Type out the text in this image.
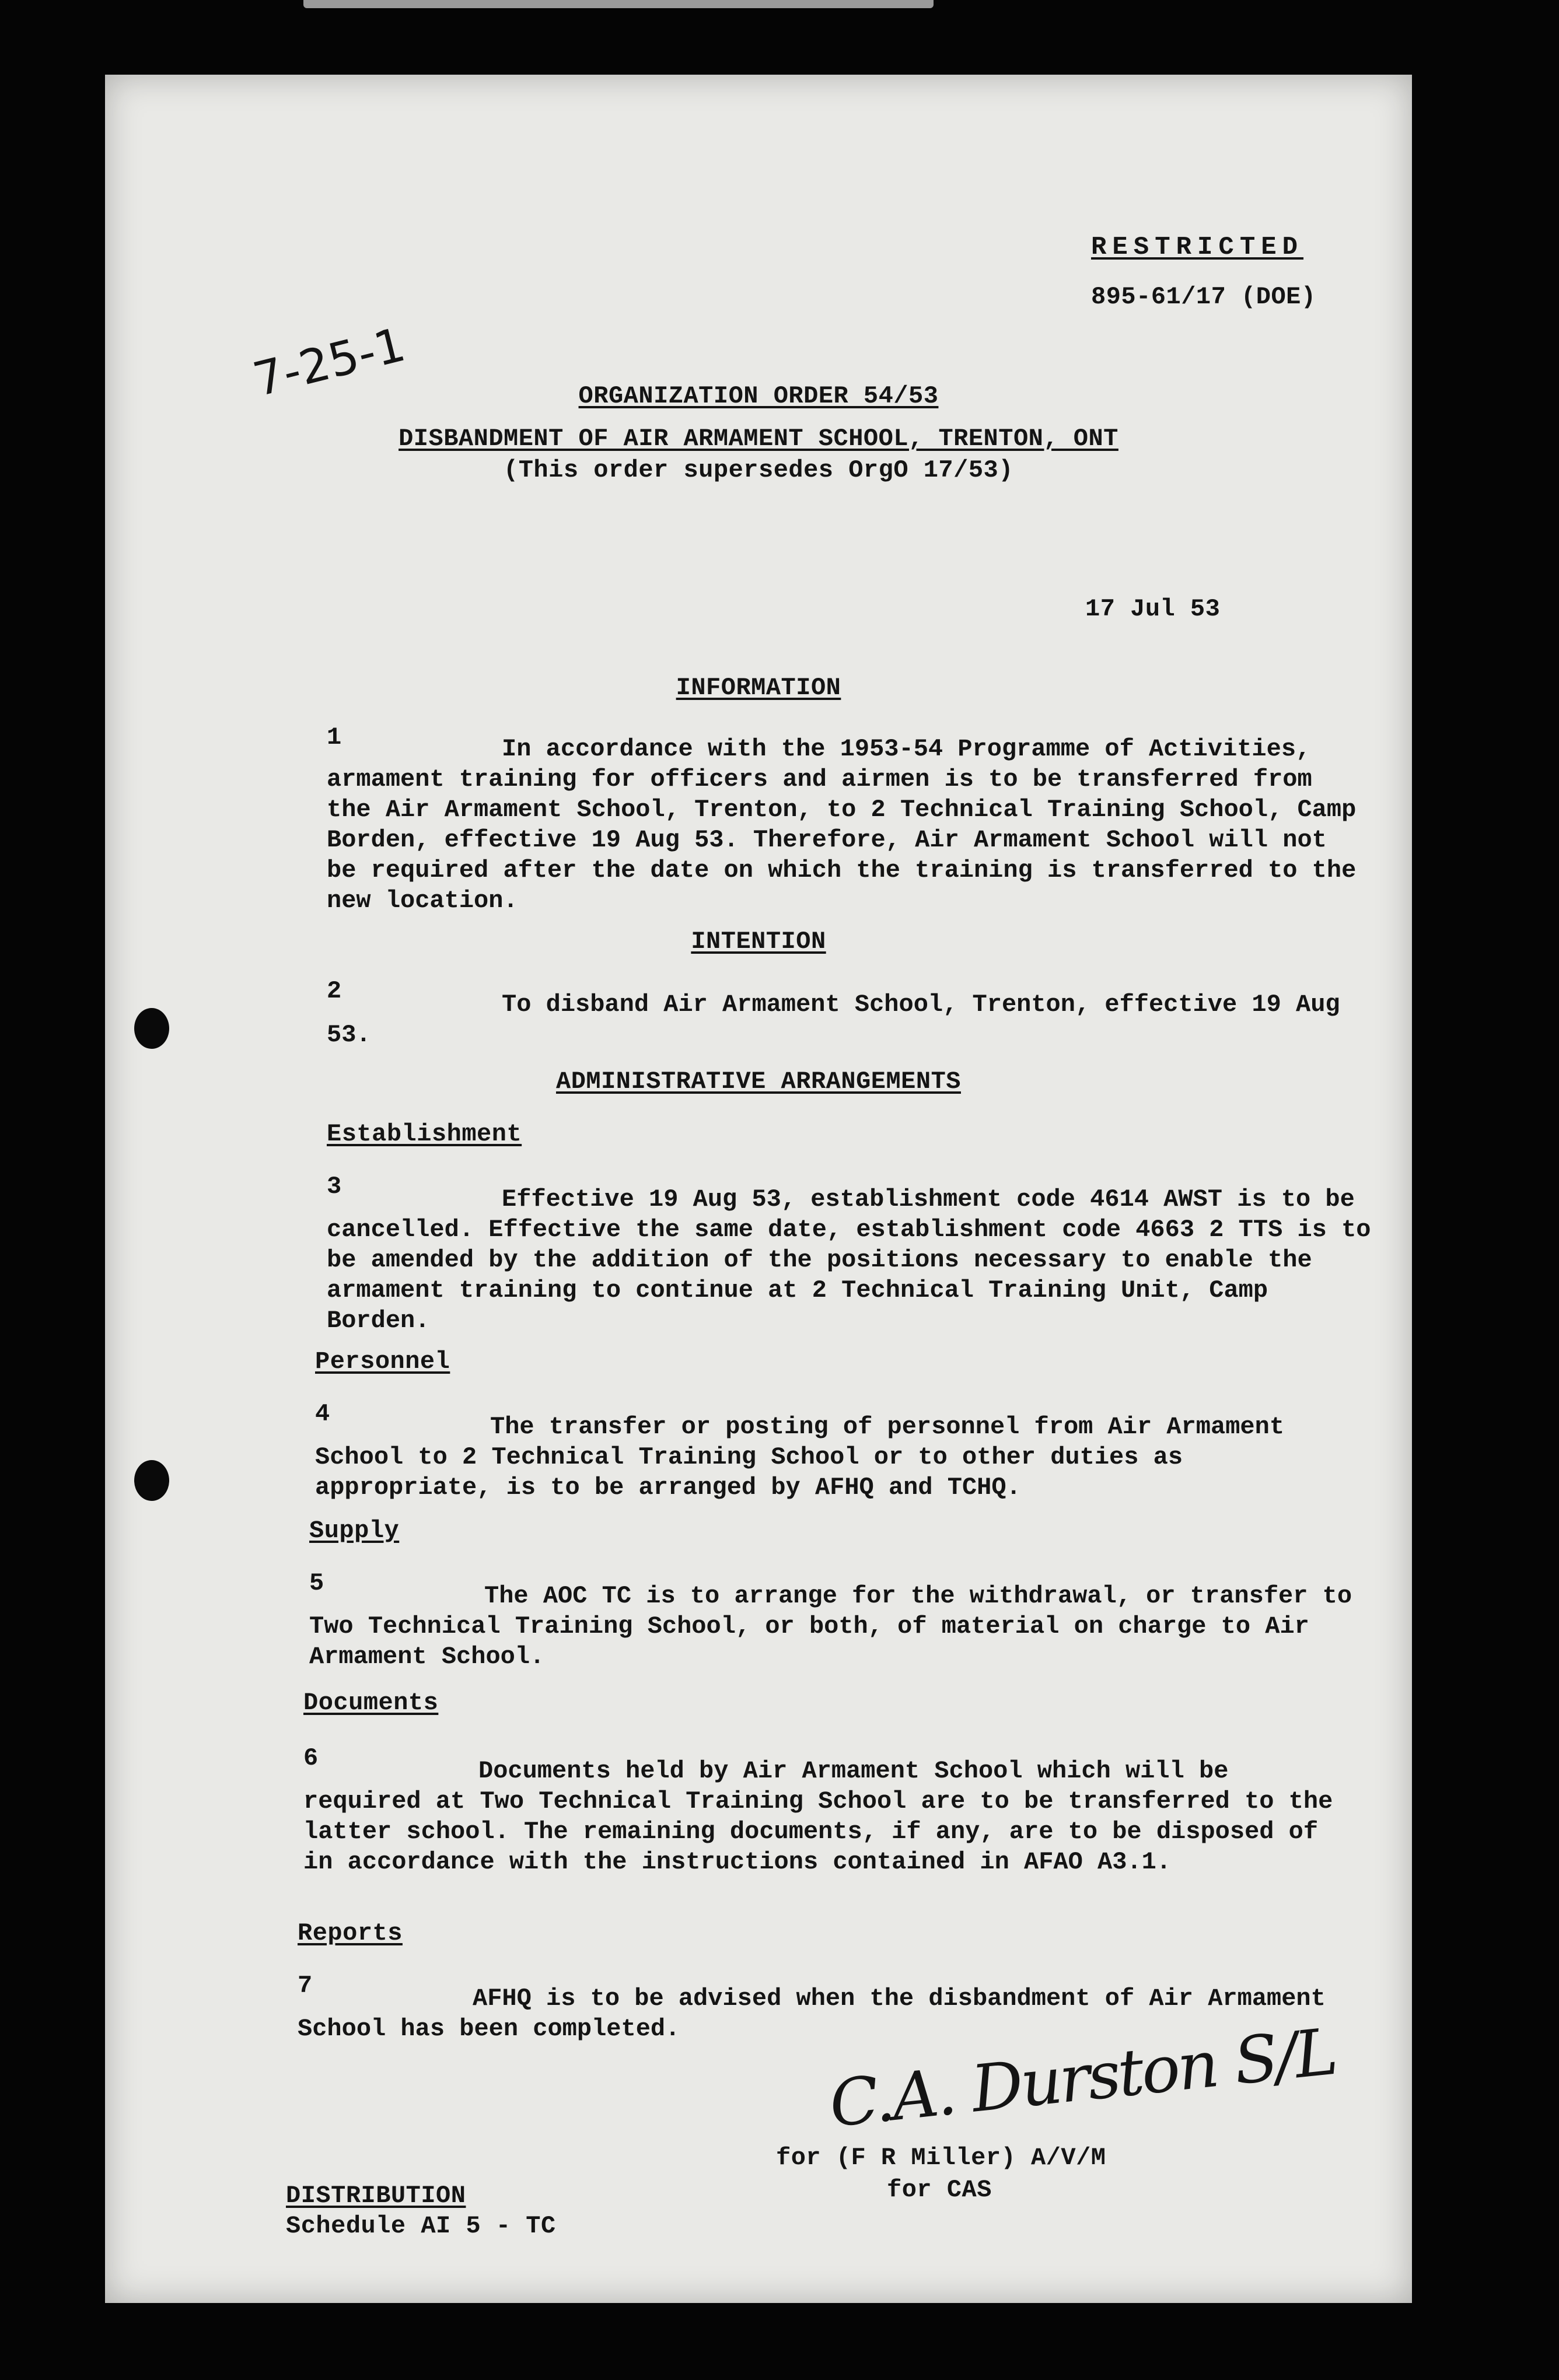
RESTRICTED
895-61/17 (DOE)
7-25-1	ORGANIZATION ORDER 54/53
DISBANDMENT OF AIR ARMAMENT SCHOOL, TRENTON, ONT
(This order supersedes OrgO 17/53)
17 Jul 53
INFORMATION
1	In accordance with the 1953-54 Programme of Activities, armament training for officers and airmen is to be transferred from the Air Armament School, Trenton, to 2 Technical Training School, Camp Borden, effective 19 Aug 53. Therefore, Air Armament School will not be required after the date on which the training is transferred to the new location.
INTENTION
2	To disband Air Armament School, Trenton, effective 19 Aug 53.
ADMINISTRATIVE ARRANGEMENTS
Establishment
3	Effective 19 Aug 53, establishment code 4614 AWST is to be cancelled. Effective the same date, establishment code 4663 2 TTS is to be amended by the addition of the positions necessary to enable the armament training to continue at 2 Technical Training Unit, Camp Borden.
Personnel
4	The transfer or posting of personnel from Air Armament School to 2 Technical Training School or to other duties as appropriate, is to be arranged by AFHQ and TCHQ.
Supply
5	The AOC TC is to arrange for the withdrawal, or transfer to Two Technical Training School, or both, of material on charge to Air Armament School.
Documents
6	Documents held by Air Armament School which will be required at Two Technical Training School are to be transferred to the latter school. The remaining documents, if any, are to be disposed of in accordance with the instructions contained in AFAO A3.1.
Reports
7	AFHQ is to be advised when the disbandment of Air Armament School has been completed.	C.A. Durston S/L
for (F R Miller) A/V/M
for CAS
DISTRIBUTION
Schedule AI 5 - TC
